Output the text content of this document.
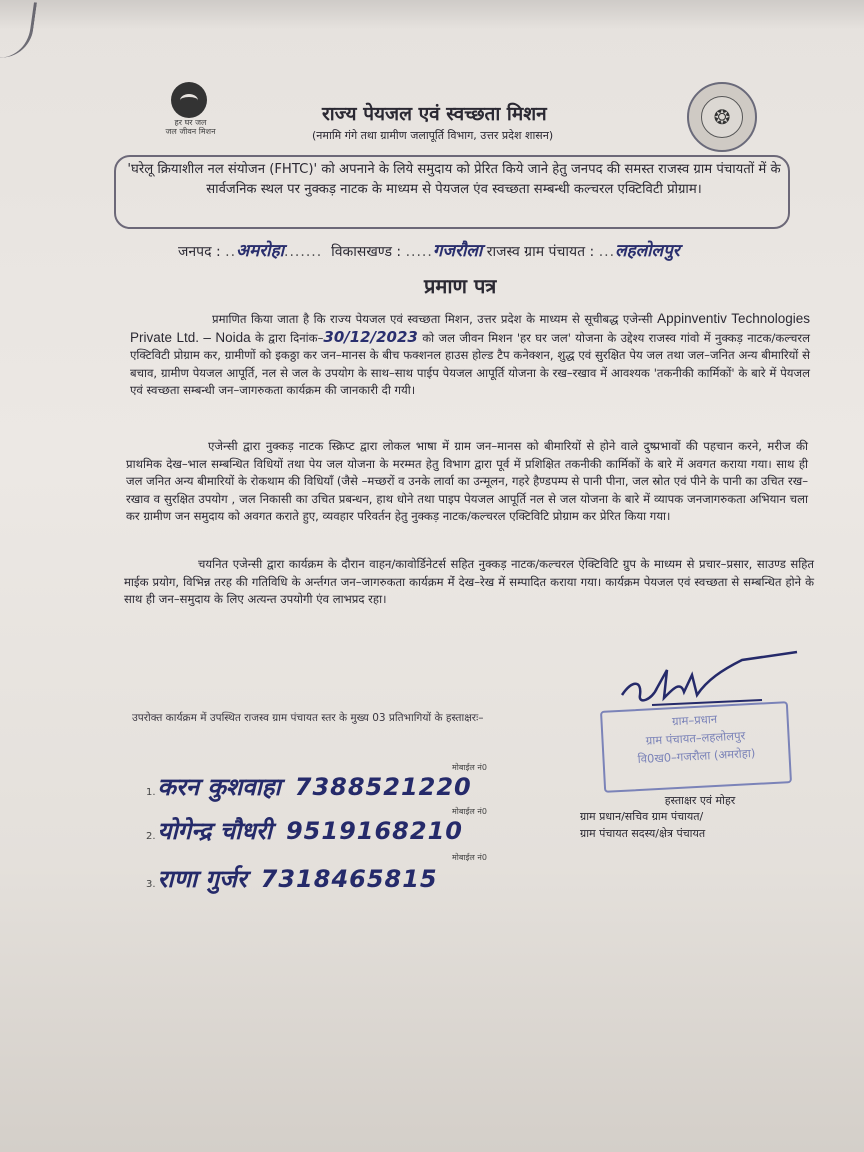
हर घर जल
जल जीवन मिशन
राज्य पेयजल एवं स्वच्छता मिशन
(नमामि गंगे तथा ग्रामीण जलापूर्ति विभाग, उत्तर प्रदेश शासन)
❂
'घरेलू क्रियाशील नल संयोजन (FHTC)' को अपनाने के लिये समुदाय को प्रेरित किये जाने हेतु जनपद की समस्त राजस्व ग्राम पंचायतों में के सार्वजनिक स्थल पर नुक्कड़ नाटक के माध्यम से पेयजल एंव स्वच्छता सम्बन्धी कल्चरल एक्टिविटी प्रोग्राम।
जनपद : ..अमरोहा....... विकासखण्ड : .....गजरौला राजस्व ग्राम पंचायत : ...लहलोलपुर
प्रमाण पत्र
प्रमाणित किया जाता है कि राज्य पेयजल एवं स्वच्छता मिशन, उत्तर प्रदेश के माध्यम से सूचीबद्ध एजेन्सी Appinventiv Technologies Private Ltd. – Noida के द्वारा दिनांक–30/12/2023 को जल जीवन मिशन 'हर घर जल' योजना के उद्देश्य राजस्व गांवो में नुक्कड़ नाटक/कल्चरल एक्टिविटी प्रोग्राम कर, ग्रामीणों को इकठ्ठा कर जन–मानस के बीच फक्शनल हाउस होल्ड टैप कनेक्शन, शुद्ध एवं सुरक्षित पेय जल तथा जल–जनित अन्य बीमारियों से बचाव, ग्रामीण पेयजल आपूर्ति, नल से जल के उपयोग के साथ–साथ पाईप पेयजल आपूर्ति योजना के रख–रखाव में आवश्यक 'तकनीकी कार्मिकों' के बारे में पेयजल एवं स्वच्छता सम्बन्धी जन–जागरुकता कार्यक्रम की जानकारी दी गयी।
एजेन्सी द्वारा नुक्कड़ नाटक स्क्रिप्ट द्वारा लोकल भाषा में ग्राम जन–मानस को बीमारियों से होने वाले दुष्प्रभावों की पहचान करने, मरीज की प्राथमिक देख–भाल सम्बन्धित विधियों तथा पेय जल योजना के मरम्मत हेतु विभाग द्वारा पूर्व में प्रशिक्षित तकनीकी कार्मिकों के बारे में अवगत कराया गया। साथ ही जल जनित अन्य बीमारियों के रोकथाम की विधियाँ (जैसे –मच्छरों व उनके लार्वा का उन्मूलन, गहरे हैण्डपम्प से पानी पीना, जल स्रोत एवं पीने के पानी का उचित रख–रखाव व सुरक्षित उपयोग , जल निकासी का उचित प्रबन्धन, हाथ धोने तथा पाइप पेयजल आपूर्ति नल से जल योजना के बारे में व्यापक जनजागरुकता अभियान चला कर ग्रामीण जन समुदाय को अवगत कराते हुए, व्यवहार परिवर्तन हेतु नुक्कड़ नाटक/कल्चरल एक्टिविटि प्रोग्राम कर प्रेरित किया गया।
चयनित एजेन्सी द्वारा कार्यक्रम के दौरान वाहन/कावोर्डिनेटर्स सहित नुक्कड़ नाटक/कल्चरल ऐक्टिविटि ग्रुप के माध्यम से प्रचार–प्रसार, साउण्ड सहित माईक प्रयोग, विभिन्न तरह की गतिविधि के अर्न्तगत जन–जागरुकता कार्यक्रम मेंं देख–रेख में सम्पादित कराया गया। कार्यक्रम पेयजल एवं स्वच्छता से सम्बन्धित होने के साथ ही जन–समुदाय के लिए अत्यन्त उपयोगी एंव लाभप्रद रहा।
ग्राम–प्रधान
ग्राम पंचायत–लहलोलपुर
वि0ख0–गजरौला (अमरोहा)
उपरोक्त कार्यक्रम में उपस्थित राजस्व ग्राम पंचायत स्तर के मुख्य 03 प्रतिभागियों के हस्ताक्षरः–
मोबाईल नं0
1.करन कुशवाहा 7388521220
मोबाईल नं0
2.योगेन्द्र चौधरी 9519168210
मोबाईल नं0
3.राणा गुर्जर 7318465815
हस्ताक्षर एवं मोहर
ग्राम प्रधान/सचिव ग्राम पंचायत/
ग्राम पंचायत सदस्य/क्षेत्र पंचायत
